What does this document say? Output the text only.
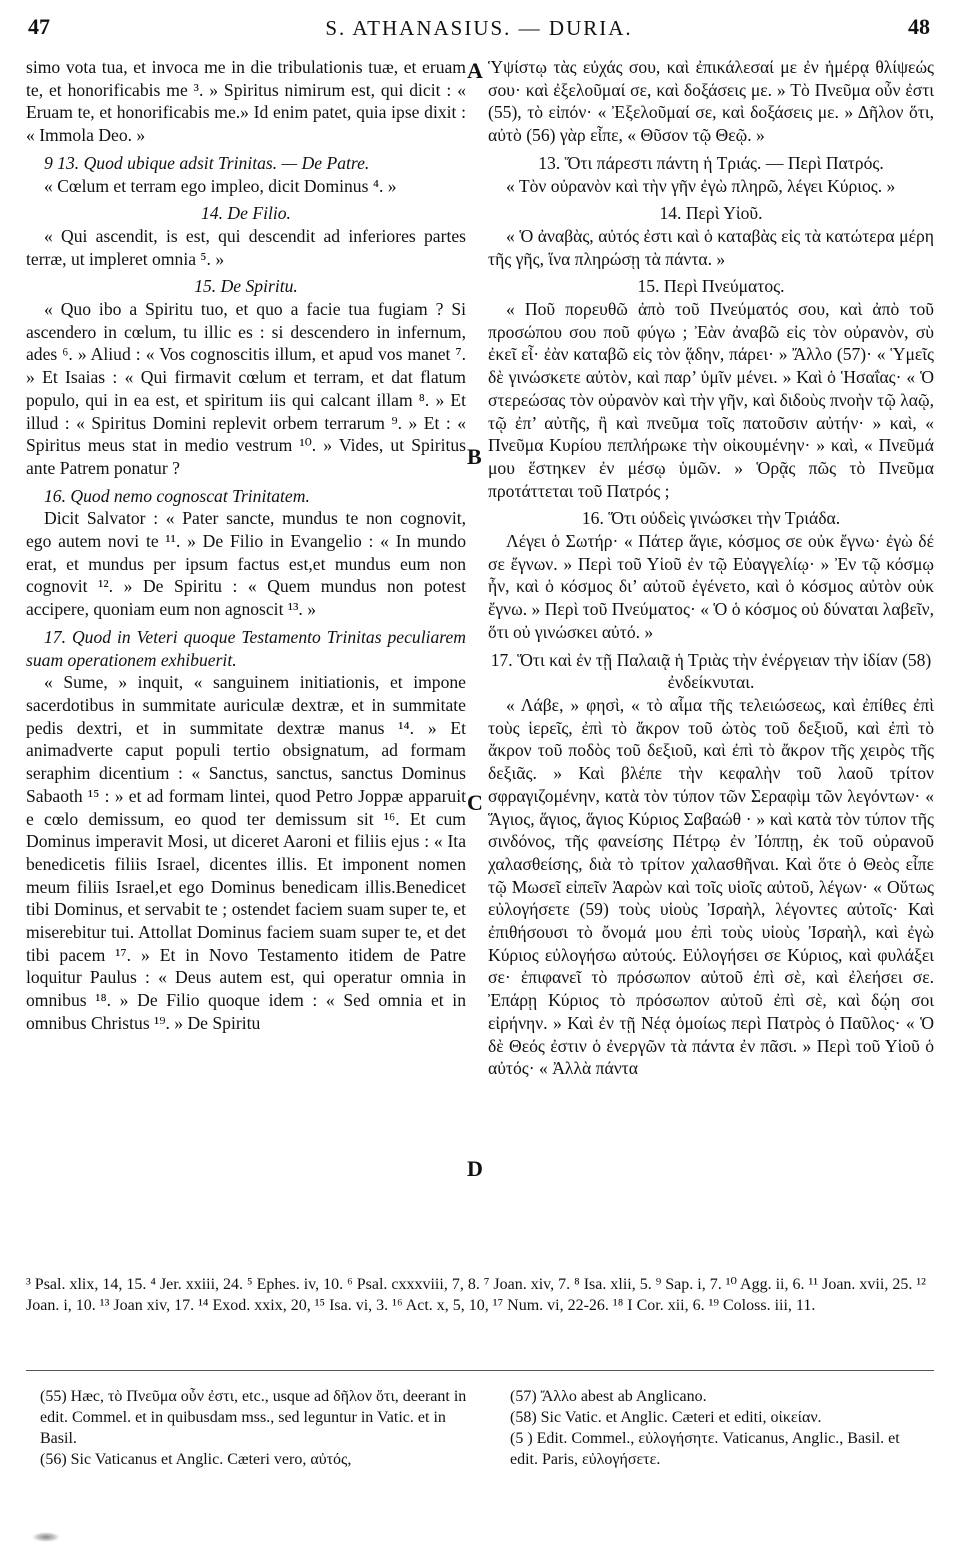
47	S. ATHANASIUS. — DURIA.	48

simo vota tua, et invoca me in die tribulationis tuæ, et eruam te, et honorificabis me ³. » Spiritus nimirum est, qui dicit : « Eruam te, et honorificabis me.» Id enim patet, quia ipse dixit : « Immola Deo. »

9 13. Quod ubique adsit Trinitas. — De Patre.

« Cœlum et terram ego impleo, dicit Dominus ⁴. »

14. De Filio.

« Qui ascendit, is est, qui descendit ad inferiores partes terræ, ut impleret omnia ⁵. »

15. De Spiritu.

« Quo ibo a Spiritu tuo, et quo a facie tua fugiam ? Si ascendero in cœlum, tu illic es : si descendero in infernum, ades ⁶. » Aliud : « Vos cognoscitis illum, et apud vos manet ⁷. » Et Isaias : « Qui firmavit cœlum et terram, et dat flatum populo, qui in ea est, et spiritum iis qui calcant illam ⁸. » Et illud : « Spiritus Domini replevit orbem terrarum ⁹. » Et : « Spiritus meus stat in medio vestrum ¹⁰. » Vides, ut Spiritus ante Patrem ponatur ?

16. Quod nemo cognoscat Trinitatem.

Dicit Salvator : « Pater sancte, mundus te non cognovit, ego autem novi te ¹¹. » De Filio in Evangelio : « In mundo erat, et mundus per ipsum factus est,et mundus eum non cognovit ¹². » De Spiritu : « Quem mundus non potest accipere, quoniam eum non agnoscit ¹³. »

17. Quod in Veteri quoque Testamento Trinitas peculiarem suam operationem exhibuerit.

« Sume, » inquit, « sanguinem initiationis, et impone sacerdotibus in summitate auriculæ dextræ, et in summitate pedis dextri, et in summitate dextræ manus ¹⁴. » Et animadverte caput populi tertio obsignatum, ad formam seraphim dicentium : « Sanctus, sanctus, sanctus Dominus Sabaoth ¹⁵ : » et ad formam lintei, quod Petro Joppæ apparuit e cœlo demissum, eo quod ter demissum sit ¹⁶. Et cum Dominus imperavit Mosi, ut diceret Aaroni et filiis ejus : « Ita benedicetis filiis Israel, dicentes illis. Et imponent nomen meum filiis Israel,et ego Dominus benedicam illis.Benedicet tibi Dominus, et servabit te ; ostendet faciem suam super te, et miserebitur tui. Attollat Dominus faciem suam super te, et det tibi pacem ¹⁷. » Et in Novo Testamento itidem de Patre loquitur Paulus : « Deus autem est, qui operatur omnia in omnibus ¹⁸. » De Filio quoque idem : « Sed omnia et in omnibus Christus ¹⁹. » De Spiritu

Ὑψίστῳ τὰς εὐχάς σου, καὶ ἐπικάλεσαί με ἐν ἡμέρᾳ θλίψεώς σου· καὶ ἐξελοῦμαί σε, καὶ δοξάσεις με. » Τὸ Πνεῦμα οὖν ἐστι (55), τὸ εἰπόν· « Ἐξελοῦμαί σε, καὶ δοξάσεις με. » Δῆλον ὅτι, αὐτὸ (56) γὰρ εἶπε, « Θῦσον τῷ Θεῷ. »

13. Ὅτι πάρεστι πάντη ἡ Τριάς. — Περὶ Πατρός.

« Τὸν οὐρανὸν καὶ τὴν γῆν ἐγὼ πληρῶ, λέγει Κύριος. »

14. Περὶ Υἱοῦ.

« Ὁ ἀναβὰς, αὐτός ἐστι καὶ ὁ καταβὰς εἰς τὰ κατώτερα μέρη τῆς γῆς, ἵνα πληρώσῃ τὰ πάντα. »

15. Περὶ Πνεύματος.

« Ποῦ πορευθῶ ἀπὸ τοῦ Πνεύματός σου, καὶ ἀπὸ τοῦ προσώπου σου ποῦ φύγω ; Ἐὰν ἀναβῶ εἰς τὸν οὐρανὸν, σὺ ἐκεῖ εἶ· ἐὰν καταβῶ εἰς τὸν ᾅδην, πάρει· » Ἄλλο (57)· « Ὑμεῖς δὲ γινώσκετε αὐτὸν, καὶ παρ’ ὑμῖν μένει. » Καὶ ὁ Ἡσαΐας· « Ὁ στερεώσας τὸν οὐρανὸν καὶ τὴν γῆν, καὶ διδοὺς πνοὴν τῷ λαῷ, τῷ ἐπ’ αὐτῆς, ἢ καὶ πνεῦμα τοῖς πατοῦσιν αὐτήν· » καὶ, « Πνεῦμα Κυρίου πεπλήρωκε τὴν οἰκουμένην· » καὶ, « Πνεῦμά μου ἕστηκεν ἐν μέσῳ ὑμῶν. » Ὁρᾷς πῶς τὸ Πνεῦμα προτάττεται τοῦ Πατρός ;

16. Ὅτι οὐδεὶς γινώσκει τὴν Τριάδα.

Λέγει ὁ Σωτήρ· « Πάτερ ἅγιε, κόσμος σε οὐκ ἔγνω· ἐγὼ δέ σε ἔγνων. » Περὶ τοῦ Υἱοῦ ἐν τῷ Εὐαγγελίῳ· » Ἐν τῷ κόσμῳ ἦν, καὶ ὁ κόσμος δι’ αὐτοῦ ἐγένετο, καὶ ὁ κόσμος αὐτὸν οὐκ ἔγνω. » Περὶ τοῦ Πνεύματος· « Ὁ ὁ κόσμος οὐ δύναται λαβεῖν, ὅτι οὐ γινώσκει αὐτό. »

17. Ὅτι καὶ ἐν τῇ Παλαιᾷ ἡ Τριὰς τὴν ἐνέργειαν τὴν ἰδίαν (58) ἐνδείκνυται.

« Λάβε, » φησὶ, « τὸ αἷμα τῆς τελειώσεως, καὶ ἐπίθες ἐπὶ τοὺς ἱερεῖς, ἐπὶ τὸ ἄκρον τοῦ ὠτὸς τοῦ δεξιοῦ, καὶ ἐπὶ τὸ ἄκρον τοῦ ποδὸς τοῦ δεξιοῦ, καὶ ἐπὶ τὸ ἄκρον τῆς χειρὸς τῆς δεξιᾶς. » Καὶ βλέπε τὴν κεφαλὴν τοῦ λαοῦ τρίτον σφραγιζομένην, κατὰ τὸν τύπον τῶν Σεραφὶμ τῶν λεγόντων· « Ἅγιος, ἅγιος, ἅγιος Κύριος Σαβαώθ · » καὶ κατὰ τὸν τύπον τῆς σινδόνος, τῆς φανείσης Πέτρῳ ἐν Ἰόππῃ, ἐκ τοῦ οὐρανοῦ χαλασθείσης, διὰ τὸ τρίτον χαλασθῆναι. Καὶ ὅτε ὁ Θεὸς εἶπε τῷ Μωσεῖ εἰπεῖν Ἀαρὼν καὶ τοῖς υἱοῖς αὐτοῦ, λέγων· « Οὕτως εὐλογήσετε (59) τοὺς υἱοὺς Ἰσραὴλ, λέγοντες αὐτοῖς· Καὶ ἐπιθήσουσι τὸ ὄνομά μου ἐπὶ τοὺς υἱοὺς Ἰσραὴλ, καὶ ἐγὼ Κύριος εὐλογήσω αὐτούς. Εὐλογήσει σε Κύριος, καὶ φυλάξει σε· ἐπιφανεῖ τὸ πρόσωπον αὐτοῦ ἐπὶ σὲ, καὶ ἐλεήσει σε. Ἐπάρῃ Κύριος τὸ πρόσωπον αὐτοῦ ἐπὶ σὲ, καὶ δῴη σοι εἰρήνην. » Καὶ ἐν τῇ Νέᾳ ὁμοίως περὶ Πατρὸς ὁ Παῦλος· « Ὁ δὲ Θεός ἐστιν ὁ ἐνεργῶν τὰ πάντα ἐν πᾶσι. » Περὶ τοῦ Υἱοῦ ὁ αὐτός· « Ἀλλὰ πάντα

A
B
C
D

³ Psal. xlix, 14, 15. ⁴ Jer. xxiii, 24. ⁵ Ephes. iv, 10. ⁶ Psal. cxxxviii, 7, 8. ⁷ Joan. xiv, 7. ⁸ Isa. xlii, 5. ⁹ Sap. i, 7. ¹⁰ Agg. ii, 6. ¹¹ Joan. xvii, 25. ¹² Joan. i, 10. ¹³ Joan xiv, 17. ¹⁴ Exod. xxix, 20, ¹⁵ Isa. vi, 3. ¹⁶ Act. x, 5, 10, ¹⁷ Num. vi, 22-26. ¹⁸ I Cor. xii, 6. ¹⁹ Coloss. iii, 11.

(55) Hæc, τὸ Πνεῦμα οὖν ἐστι, etc., usque ad δῆλον ὅτι, deerant in edit. Commel. et in quibusdam mss., sed leguntur in Vatic. et in Basil.

(56) Sic Vaticanus et Anglic. Cæteri vero, αὐτός,

(57) Ἄλλο abest ab Anglicano.

(58) Sic Vatic. et Anglic. Cæteri et editi, οἰκείαν.

(5 ) Edit. Commel., εὐλογήσητε. Vaticanus, Anglic., Basil. et edit. Paris, εὐλογήσετε.
